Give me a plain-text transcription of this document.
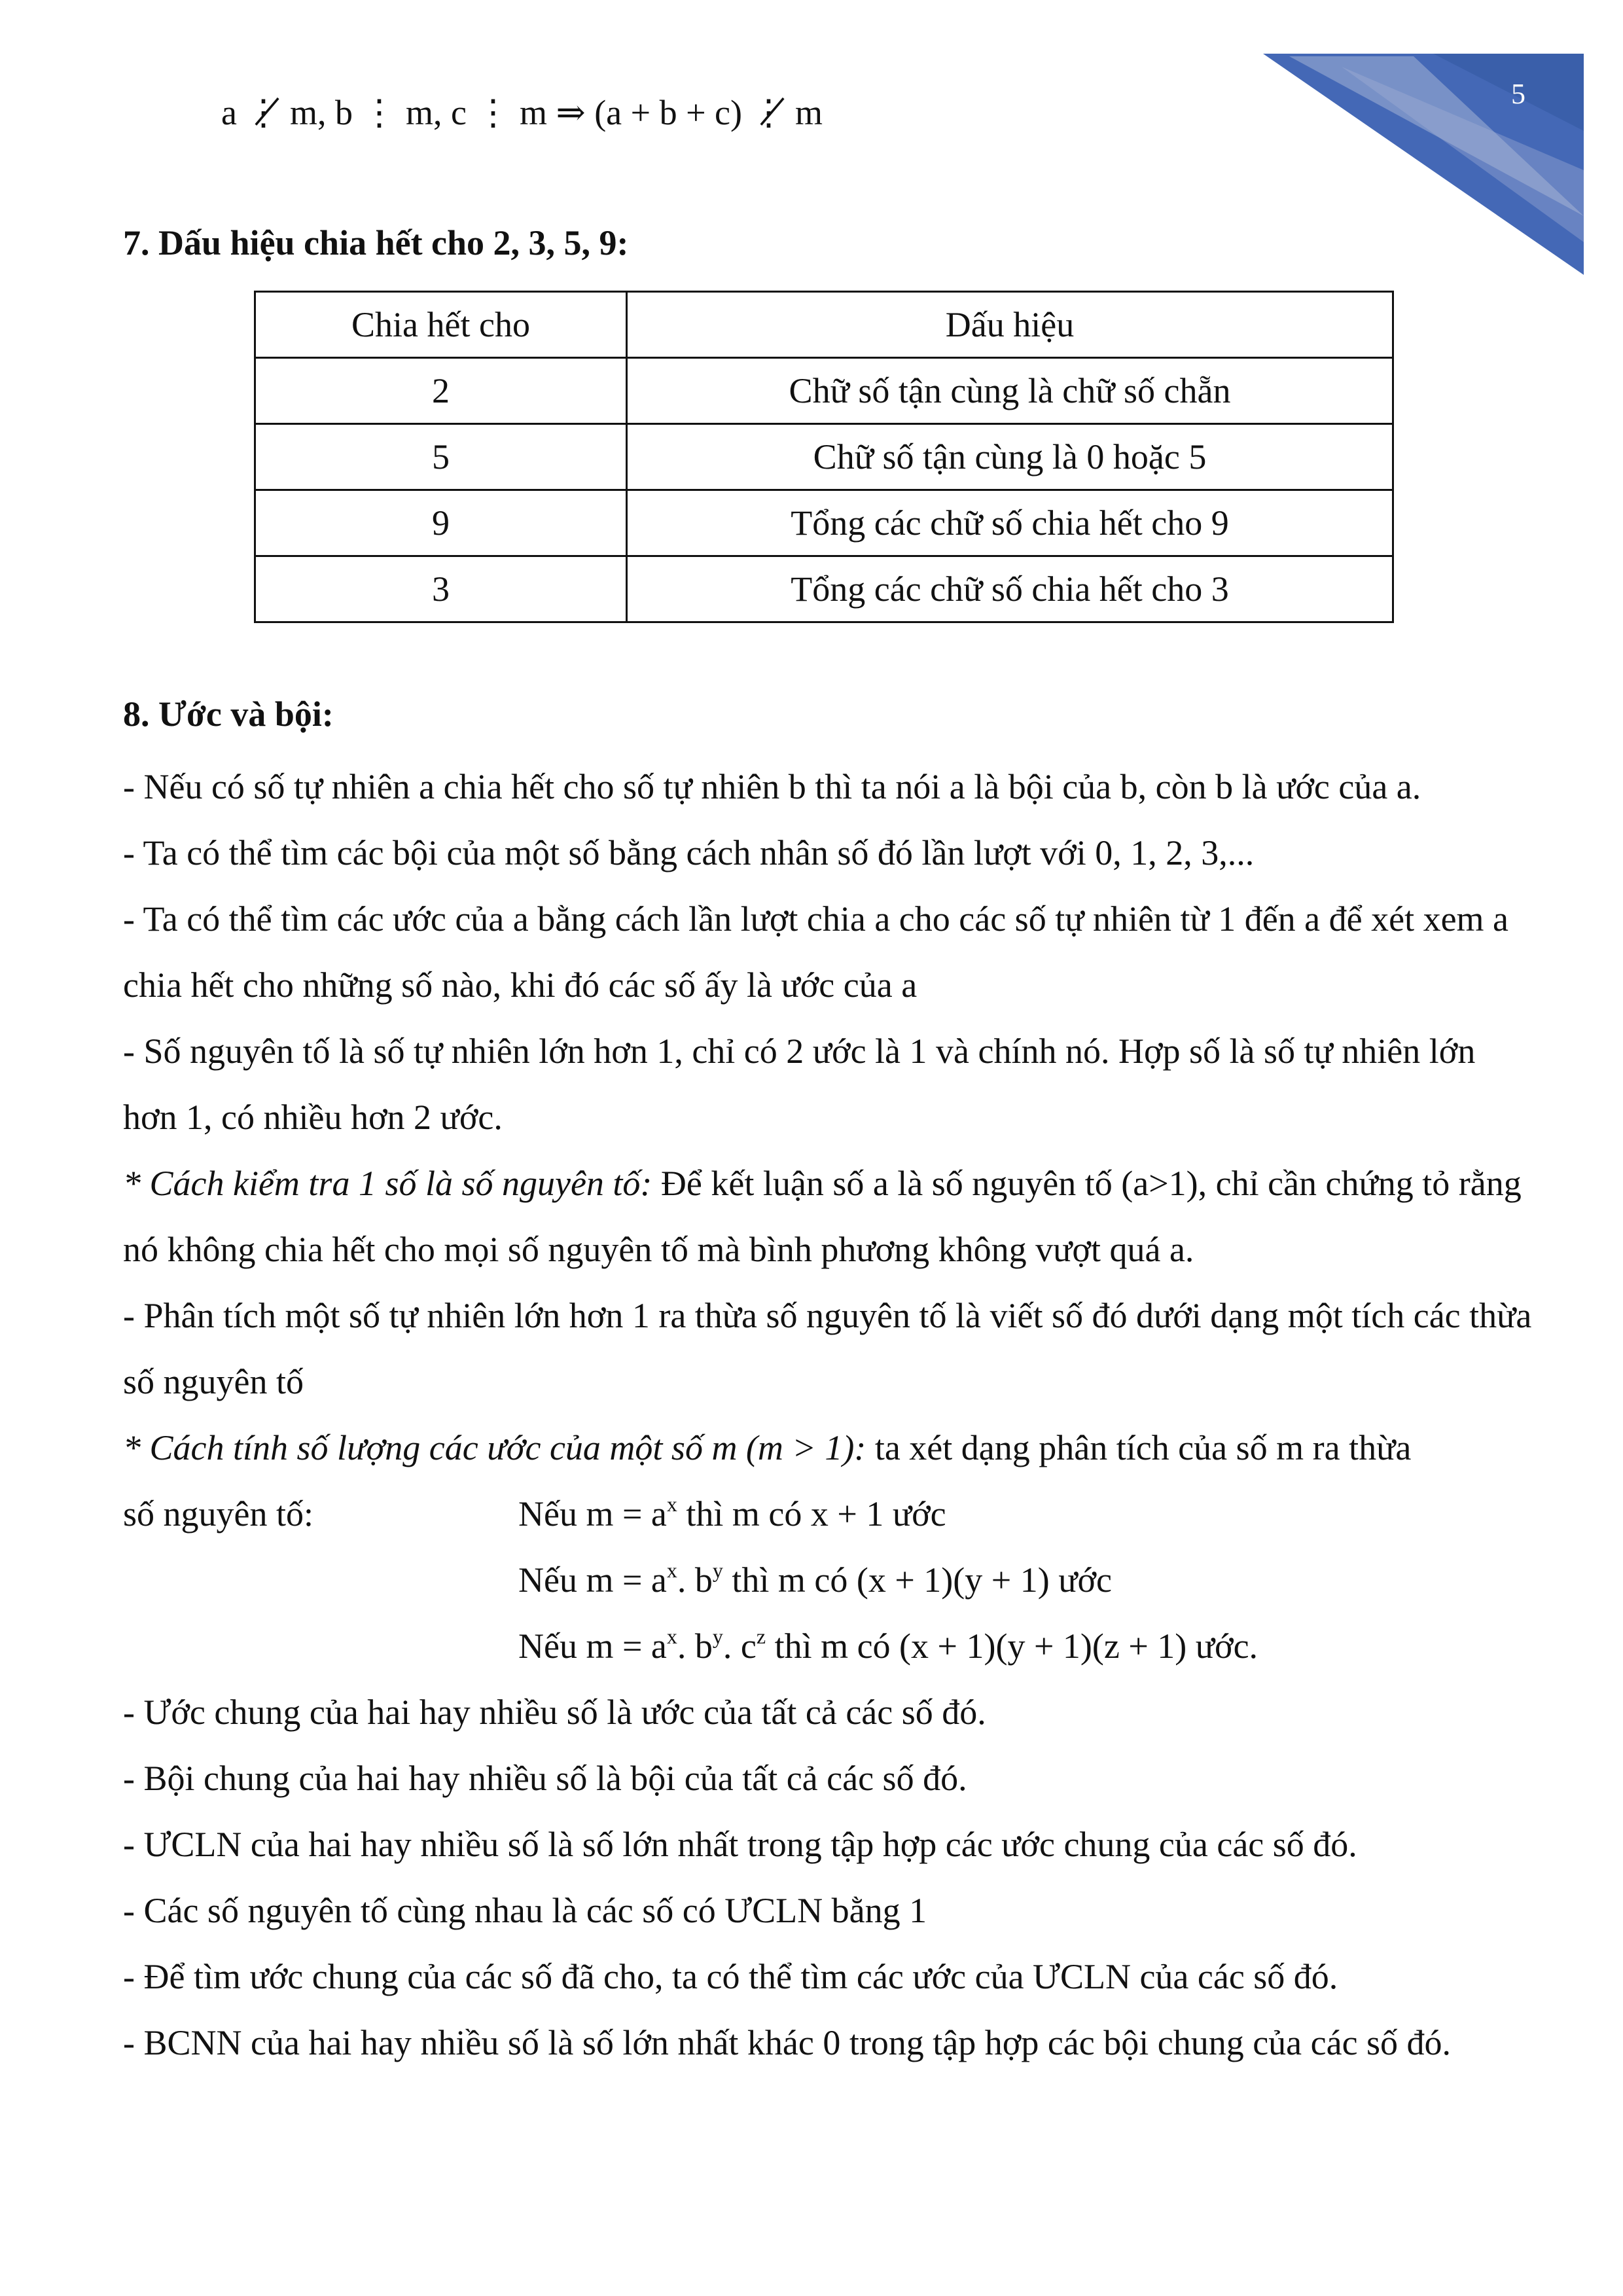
5
a ⋮̸ m, b ⋮ m, c ⋮ m ⇒ (a + b + c) ⋮̸ m
7. Dấu hiệu chia hết cho 2, 3, 5, 9:
Chia hết cho	Dấu hiệu
2	Chữ số tận cùng là chữ số chẵn
5	Chữ số tận cùng là 0 hoặc 5
9	Tổng các chữ số chia hết cho 9
3	Tổng các chữ số chia hết cho 3
8. Ước và bội:

- Nếu có số tự nhiên a chia hết cho số tự nhiên b thì ta nói a là bội của b, còn b là ước của a.

- Ta có thể tìm các bội của một số bằng cách nhân số đó lần lượt với 0, 1, 2, 3,...

- Ta có thể tìm các ước của a bằng cách lần lượt chia a cho các số tự nhiên từ 1 đến a để xét xem a chia hết cho những số nào, khi đó các số ấy là ước của a

- Số nguyên tố là số tự nhiên lớn hơn 1, chỉ có 2 ước là 1 và chính nó. Hợp số là số tự nhiên lớn hơn 1, có nhiều hơn 2 ước.

* Cách kiểm tra 1 số là số nguyên tố: Để kết luận số a là số nguyên tố (a>1), chỉ cần chứng tỏ rằng nó không chia hết cho mọi số nguyên tố mà bình phương không vượt quá a.

- Phân tích một số tự nhiên lớn hơn 1 ra thừa số nguyên tố là viết số đó dưới dạng một tích các thừa số nguyên tố

* Cách tính số lượng các ước của một số m (m > 1): ta xét dạng phân tích của số m ra thừa

số nguyên tố:	Nếu $m = a^x$ thì m có x + 1 ước

Nếu $m = a^x$. $b^y$ thì m có (x + 1)(y + 1) ước

Nếu $m = a^x$. $b^y$. $c^z$ thì m có (x + 1)(y + 1)(z + 1) ước.

- Ước chung của hai hay nhiều số là ước của tất cả các số đó.

- Bội chung của hai hay nhiều số là bội của tất cả các số đó.

- ƯCLN của hai hay nhiều số là số lớn nhất trong tập hợp các ước chung của các số đó.

- Các số nguyên tố cùng nhau là các số có ƯCLN bằng 1

- Để tìm ước chung của các số đã cho, ta có thể tìm các ước của ƯCLN của các số đó.

- BCNN của hai hay nhiều số là số lớn nhất khác 0 trong tập hợp các bội chung của các số đó.
